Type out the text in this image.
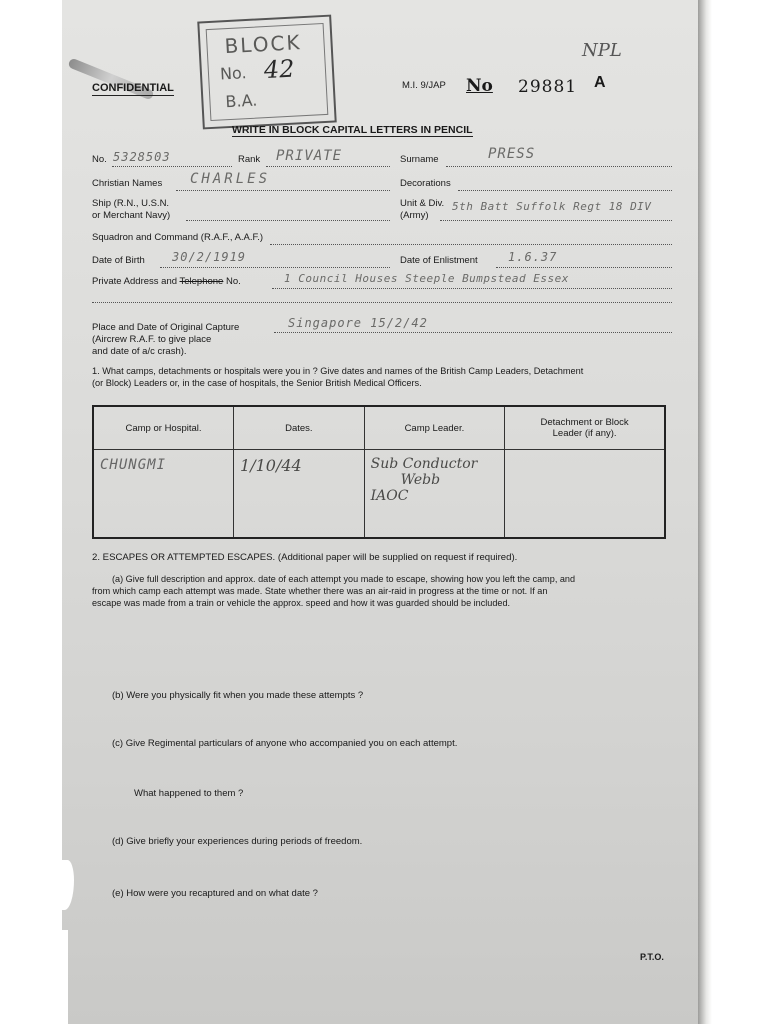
CONFIDENTIAL
BLOCK
No. 42
B.A.
NPL
M.I. 9/JAP No 29881 A
WRITE IN BLOCK CAPITAL LETTERS IN PENCIL
No. 5328503	Rank PRIVATE	Surname	PRESS
Christian Names CHARLES	Decorations
Ship (R.N., U.S.N.
or Merchant Navy)
Unit & Div.
(Army)
5th Batt Suffolk Regt 18 DIV
Squadron and Command (R.A.F., A.A.F.)
Date of Birth 30/2/1919	Date of Enlistment	1.6.37
Private Address and Telephone No.	1 Council Houses Steeple Bumpstead Essex
Place and Date of Original Capture
(Aircrew R.A.F. to give place
and date of a/c crash).
Singapore 15/2/42
1. What camps, detachments or hospitals were you in ? Give dates and names of the British Camp Leaders, Detachment
(or Block) Leaders or, in the case of hospitals, the Senior British Medical Officers.
Camp or Hospital.	Dates.	Camp Leader.	Detachment or Block
Leader (if any).

CHUNGMI	1/10/44	Sub Conductor
Webb
IAOC	

2. ESCAPES OR ATTEMPTED ESCAPES. (Additional paper will be supplied on request if required).
(a) Give full description and approx. date of each attempt you made to escape, showing how you left the camp, and
from which camp each attempt was made. State whether there was an air-raid in progress at the time or not. If an
escape was made from a train or vehicle the approx. speed and how it was guarded should be included.
(b) Were you physically fit when you made these attempts ?
(c) Give Regimental particulars of anyone who accompanied you on each attempt.
What happened to them ?
(d) Give briefly your experiences during periods of freedom.
(e) How were you recaptured and on what date ?
P.T.O.
